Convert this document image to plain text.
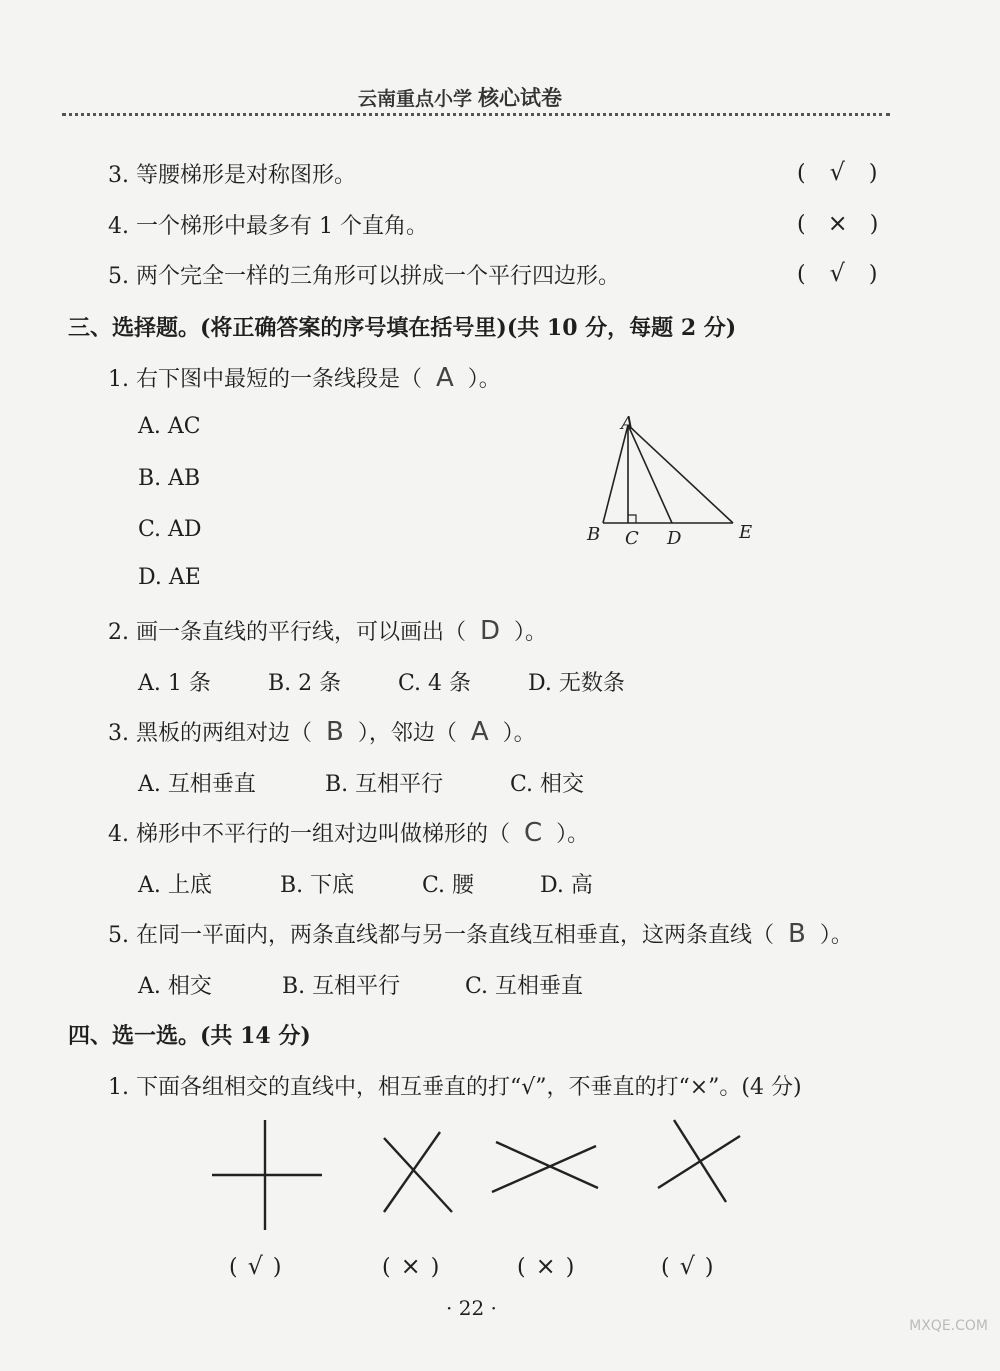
云南重点小学 核心试卷
3. 等腰梯形是对称图形。	( √ )
4. 一个梯形中最多有 1 个直角。	( × )
5. 两个完全一样的三角形可以拼成一个平行四边形。	( √ )
三、选择题。(将正确答案的序号填在括号里)(共 10 分，每题 2 分)
1. 右下图中最短的一条线段是（ A ）。
A. AC
B. AB
C. AD
D. AE
A
B C D	E
2. 画一条直线的平行线，可以画出（ D ）。
A. 1 条	B. 2 条	C. 4 条	D. 无数条
3. 黑板的两组对边（ B ），邻边（ A ）。
A. 互相垂直	B. 互相平行	C. 相交
4. 梯形中不平行的一组对边叫做梯形的（ C ）。
A. 上底	B. 下底	C. 腰	D. 高
5. 在同一平面内，两条直线都与另一条直线互相垂直，这两条直线（ B ）。
A. 相交	B. 互相平行	C. 互相垂直
四、选一选。(共 14 分)
1. 下面各组相交的直线中，相互垂直的打“√”，不垂直的打“×”。(4 分)
( √ )	( × )	( × )	( √ )
· 22 ·
MXQE.COM
